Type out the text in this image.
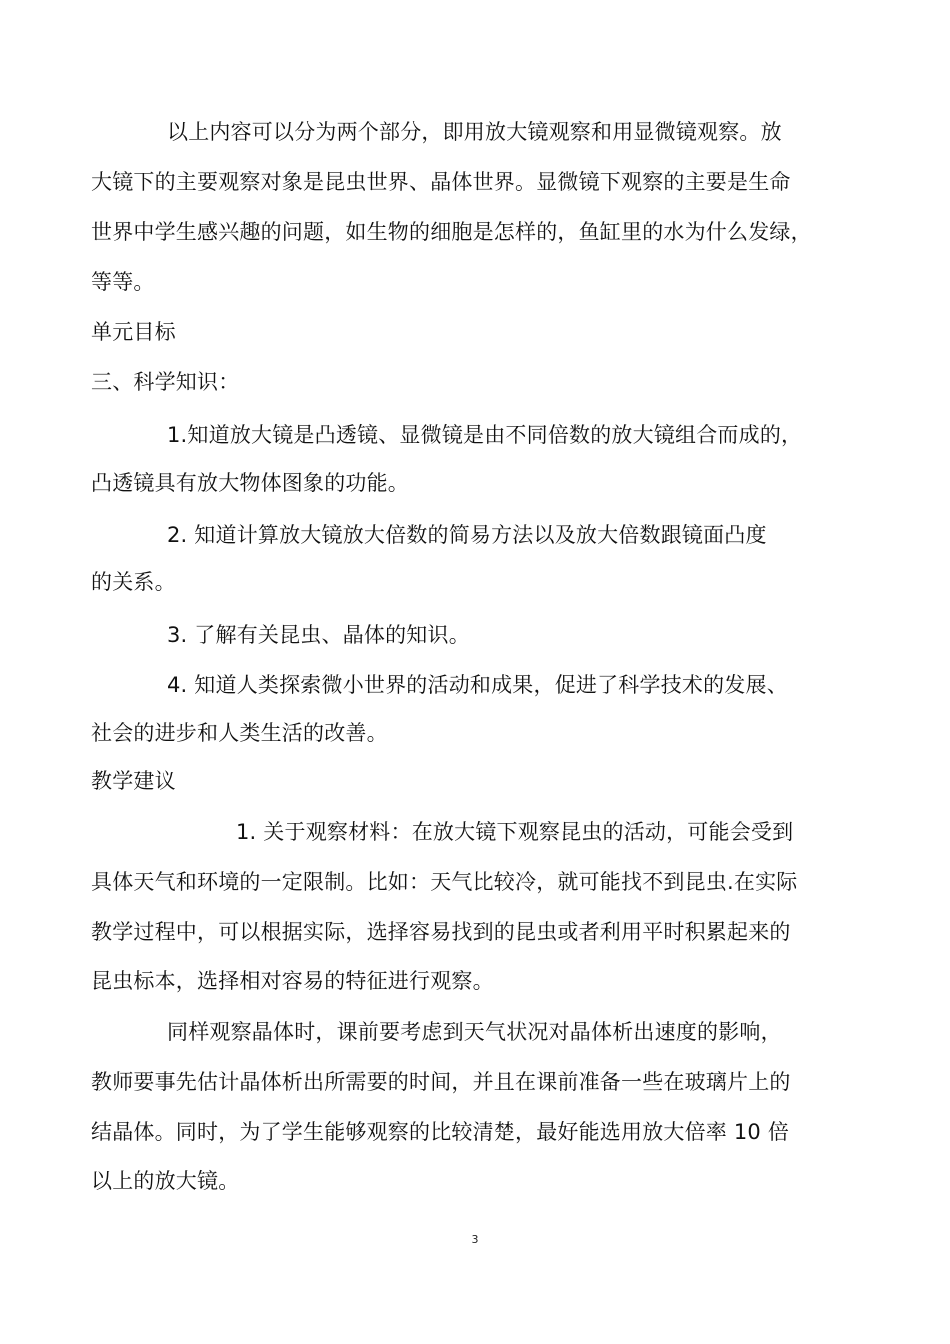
以上内容可以分为两个部分，即用放大镜观察和用显微镜观察。放
大镜下的主要观察对象是昆虫世界、晶体世界。显微镜下观察的主要是生命
世界中学生感兴趣的问题，如生物的细胞是怎样的，鱼缸里的水为什么发绿，
等等。
单元目标
三、科学知识：
1.知道放大镜是凸透镜、显微镜是由不同倍数的放大镜组合而成的，
凸透镜具有放大物体图象的功能。
2. 知道计算放大镜放大倍数的简易方法以及放大倍数跟镜面凸度
的关系。
3. 了解有关昆虫、晶体的知识。
4. 知道人类探索微小世界的活动和成果，促进了科学技术的发展、
社会的进步和人类生活的改善。
教学建议
1. 关于观察材料：在放大镜下观察昆虫的活动，可能会受到
具体天气和环境的一定限制。比如：天气比较冷，就可能找不到昆虫.在实际
教学过程中，可以根据实际，选择容易找到的昆虫或者利用平时积累起来的
昆虫标本，选择相对容易的特征进行观察。
同样观察晶体时，课前要考虑到天气状况对晶体析出速度的影响，
教师要事先估计晶体析出所需要的时间，并且在课前准备一些在玻璃片上的
结晶体。同时，为了学生能够观察的比较清楚，最好能选用放大倍率 10 倍
以上的放大镜。
3
